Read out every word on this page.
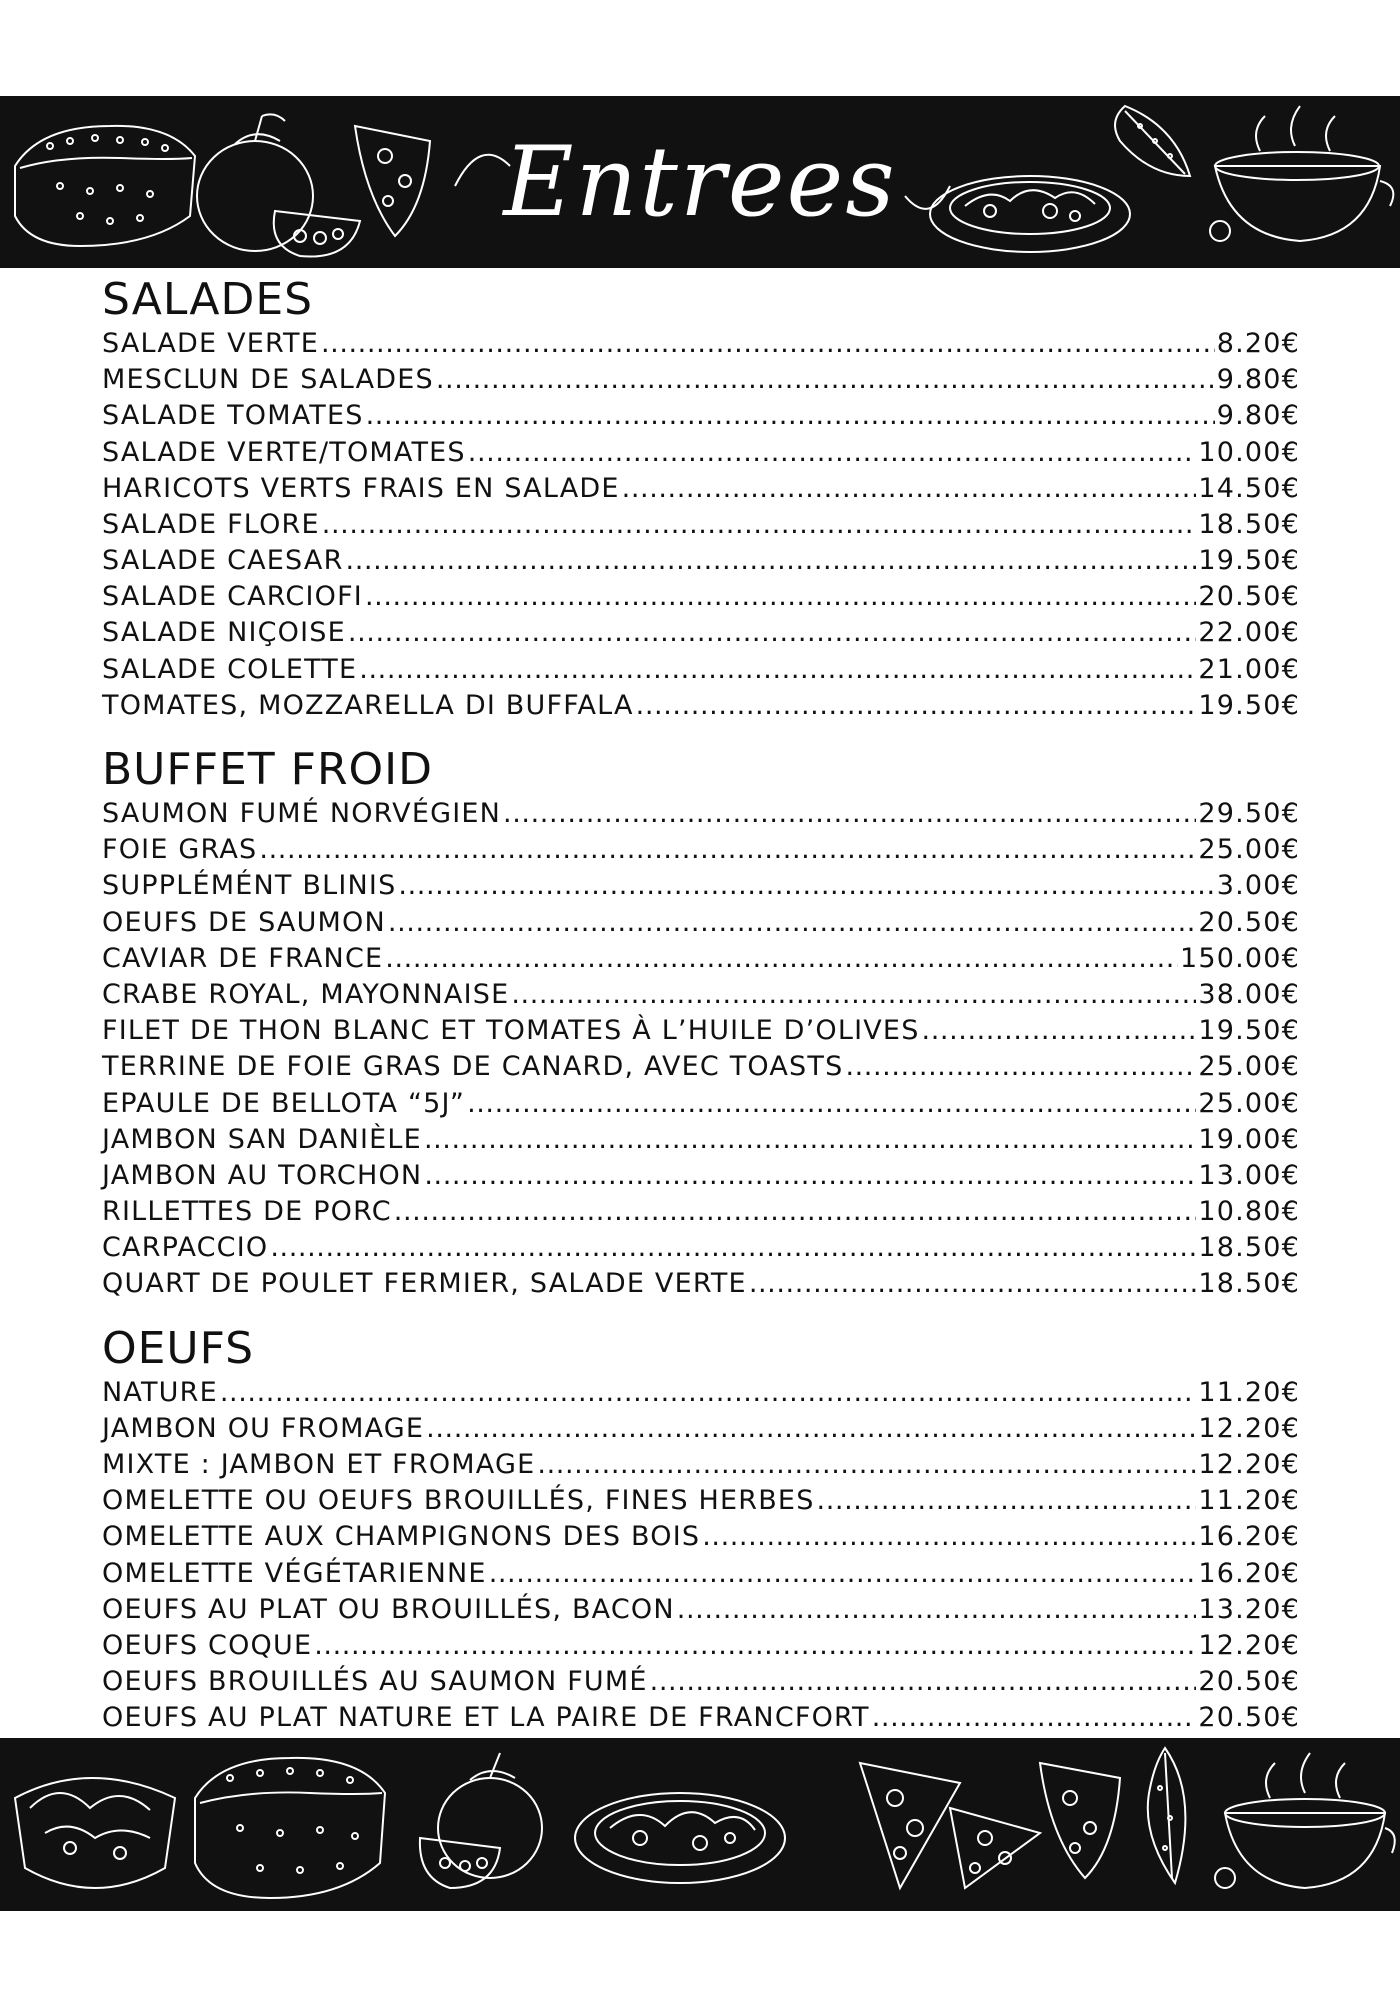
Entrees
SALADES
SALADE VERTE .....	8.20€
MESCLUN DE SALADES .....	9.80€
SALADE TOMATES .....	9.80€
SALADE VERTE/TOMATES .....	10.00€
HARICOTS VERTS FRAIS EN SALADE .....	14.50€
SALADE FLORE .....	18.50€
SALADE CAESAR .....	19.50€
SALADE CARCIOFI .....	20.50€
SALADE NIÇOISE .....	22.00€
SALADE COLETTE .....	21.00€
TOMATES, MOZZARELLA DI BUFFALA .....	19.50€
BUFFET FROID
SAUMON FUMÉ NORVÉGIEN .....	29.50€
FOIE GRAS .....	25.00€
SUPPLÉMÉNT BLINIS .....	3.00€
OEUFS DE SAUMON .....	20.50€
CAVIAR DE FRANCE .....	150.00€
CRABE ROYAL, MAYONNAISE .....	38.00€
FILET DE THON BLANC ET TOMATES À L’HUILE D’OLIVES .....	19.50€
TERRINE DE FOIE GRAS DE CANARD, AVEC TOASTS .....	25.00€
EPAULE DE BELLOTA “5J” .....	25.00€
JAMBON SAN DANIÈLE .....	19.00€
JAMBON AU TORCHON .....	13.00€
RILLETTES DE PORC .....	10.80€
CARPACCIO .....	18.50€
QUART DE POULET FERMIER, SALADE VERTE .....	18.50€
OEUFS
NATURE .....	11.20€
JAMBON OU FROMAGE .....	12.20€
MIXTE : JAMBON ET FROMAGE .....	12.20€
OMELETTE OU OEUFS BROUILLÉS, FINES HERBES .....	11.20€
OMELETTE AUX CHAMPIGNONS DES BOIS .....	16.20€
OMELETTE VÉGÉTARIENNE .....	16.20€
OEUFS AU PLAT OU BROUILLÉS, BACON .....	13.20€
OEUFS COQUE .....	12.20€
OEUFS BROUILLÉS AU SAUMON FUMÉ .....	20.50€
OEUFS AU PLAT NATURE ET LA PAIRE DE FRANCFORT .....	20.50€
